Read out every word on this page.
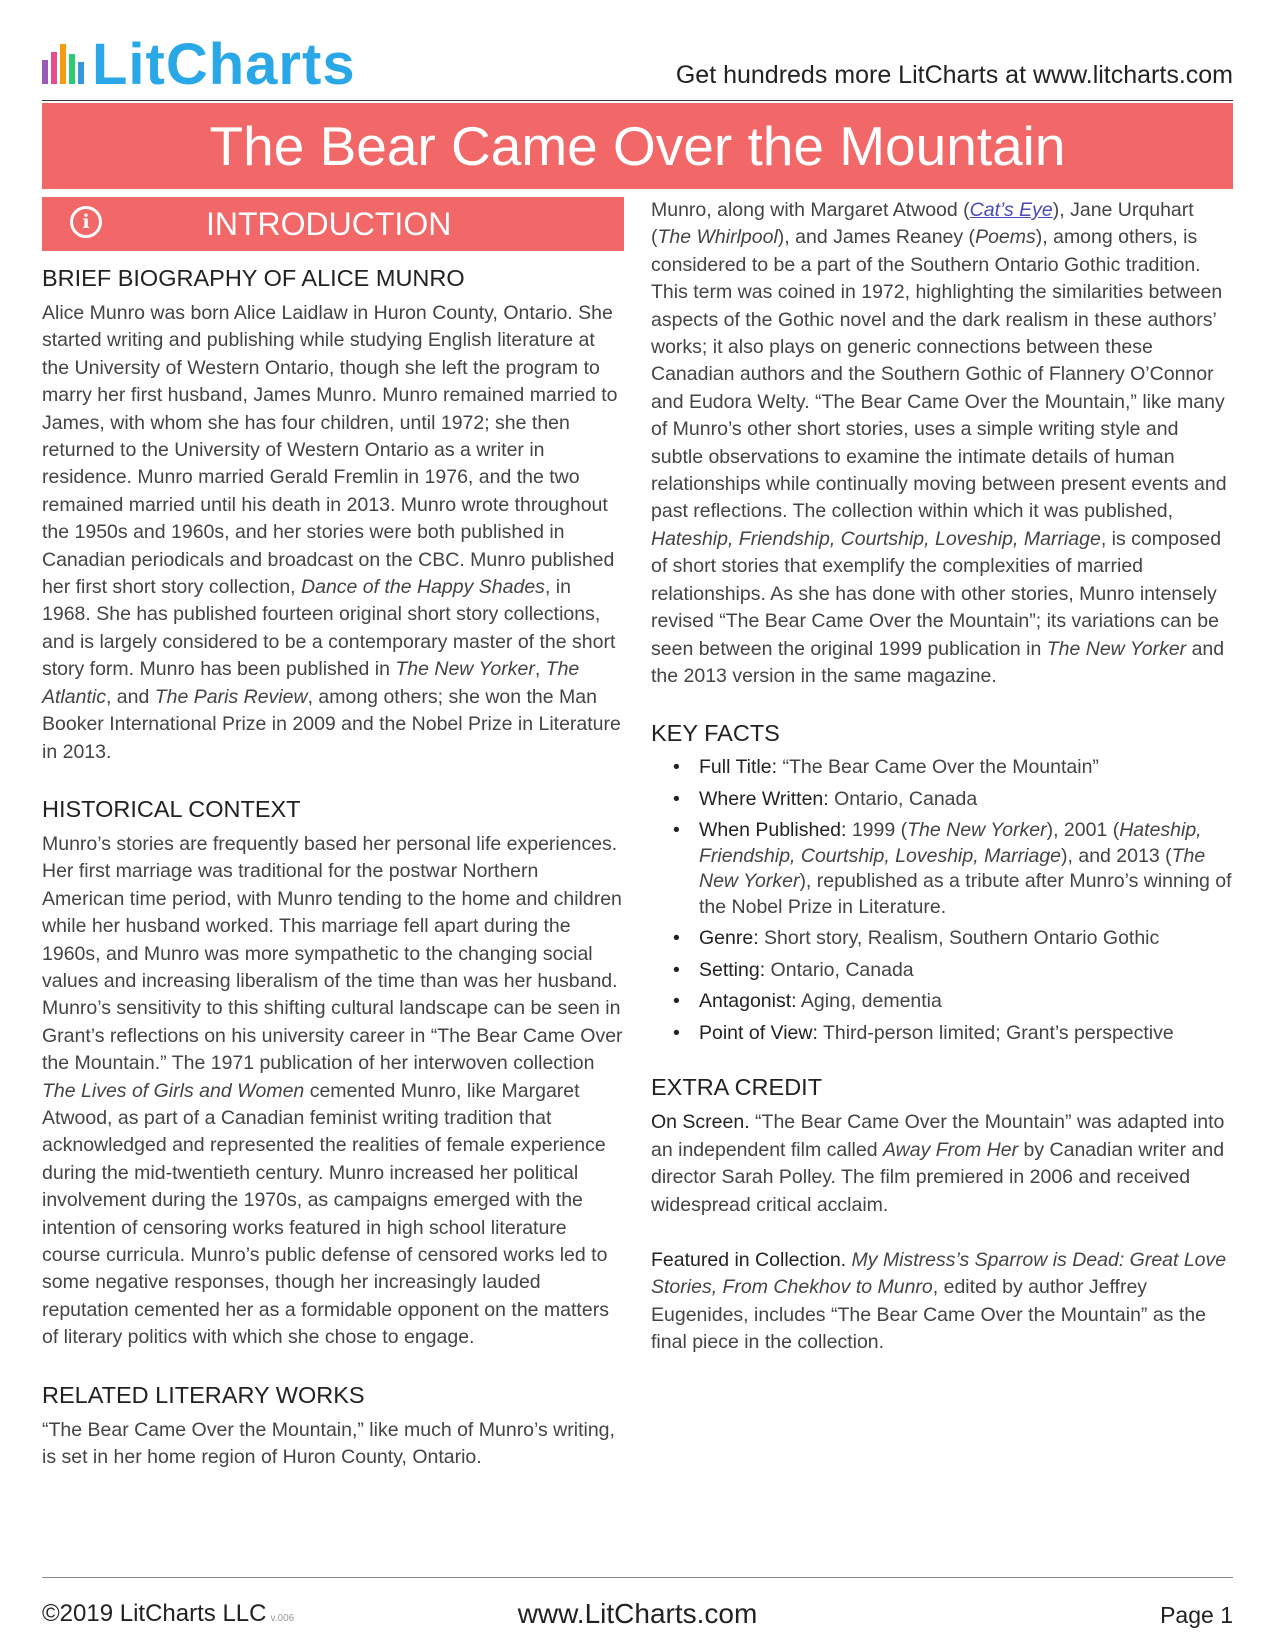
LitCharts	Get hundreds more LitCharts at www.litcharts.com
The Bear Came Over the Mountain
i	INTRODUCTION
BRIEF BIOGRAPHY OF ALICE MUNRO

Alice Munro was born Alice Laidlaw in Huron County, Ontario. She started writing and publishing while studying English literature at the University of Western Ontario, though she left the program to marry her first husband, James Munro. Munro remained married to James, with whom she has four children, until 1972; she then returned to the University of Western Ontario as a writer in residence. Munro married Gerald Fremlin in 1976, and the two remained married until his death in 2013. Munro wrote throughout the 1950s and 1960s, and her stories were both published in Canadian periodicals and broadcast on the CBC. Munro published her first short story collection, Dance of the Happy Shades, in 1968. She has published fourteen original short story collections, and is largely considered to be a contemporary master of the short story form. Munro has been published in The New Yorker, The Atlantic, and The Paris Review, among others; she won the Man Booker International Prize in 2009 and the Nobel Prize in Literature in 2013.

HISTORICAL CONTEXT

Munro’s stories are frequently based her personal life experiences. Her first marriage was traditional for the postwar Northern American time period, with Munro tending to the home and children while her husband worked. This marriage fell apart during the 1960s, and Munro was more sympathetic to the changing social values and increasing liberalism of the time than was her husband. Munro’s sensitivity to this shifting cultural landscape can be seen in Grant’s reflections on his university career in “The Bear Came Over the Mountain.” The 1971 publication of her interwoven collection The Lives of Girls and Women cemented Munro, like Margaret Atwood, as part of a Canadian feminist writing tradition that acknowledged and represented the realities of female experience during the mid-twentieth century. Munro increased her political involvement during the 1970s, as campaigns emerged with the intention of censoring works featured in high school literature course curricula. Munro’s public defense of censored works led to some negative responses, though her increasingly lauded reputation cemented her as a formidable opponent on the matters of literary politics with which she chose to engage.

RELATED LITERARY WORKS

“The Bear Came Over the Mountain,” like much of Munro’s writing, is set in her home region of Huron County, Ontario.

Munro, along with Margaret Atwood (Cat’s Eye), Jane Urquhart (The Whirlpool), and James Reaney (Poems), among others, is considered to be a part of the Southern Ontario Gothic tradition. This term was coined in 1972, highlighting the similarities between aspects of the Gothic novel and the dark realism in these authors’ works; it also plays on generic connections between these Canadian authors and the Southern Gothic of Flannery O’Connor and Eudora Welty. “The Bear Came Over the Mountain,” like many of Munro’s other short stories, uses a simple writing style and subtle observations to examine the intimate details of human relationships while continually moving between present events and past reflections. The collection within which it was published, Hateship, Friendship, Courtship, Loveship, Marriage, is composed of short stories that exemplify the complexities of married relationships. As she has done with other stories, Munro intensely revised “The Bear Came Over the Mountain”; its variations can be seen between the original 1999 publication in The New Yorker and the 2013 version in the same magazine.

KEY FACTS
• Full Title: “The Bear Came Over the Mountain”
• Where Written: Ontario, Canada
• When Published: 1999 (The New Yorker), 2001 (Hateship, Friendship, Courtship, Loveship, Marriage), and 2013 (The New Yorker), republished as a tribute after Munro’s winning of the Nobel Prize in Literature.
• Genre: Short story, Realism, Southern Ontario Gothic
• Setting: Ontario, Canada
• Antagonist: Aging, dementia
• Point of View: Third-person limited; Grant’s perspective
EXTRA CREDIT

On Screen. “The Bear Came Over the Mountain” was adapted into an independent film called Away From Her by Canadian writer and director Sarah Polley. The film premiered in 2006 and received widespread critical acclaim.

Featured in Collection. My Mistress’s Sparrow is Dead: Great Love Stories, From Chekhov to Munro, edited by author Jeffrey Eugenides, includes “The Bear Came Over the Mountain” as the final piece in the collection.

©2019 LitCharts LLC v.006	www.LitCharts.com	Page 1
